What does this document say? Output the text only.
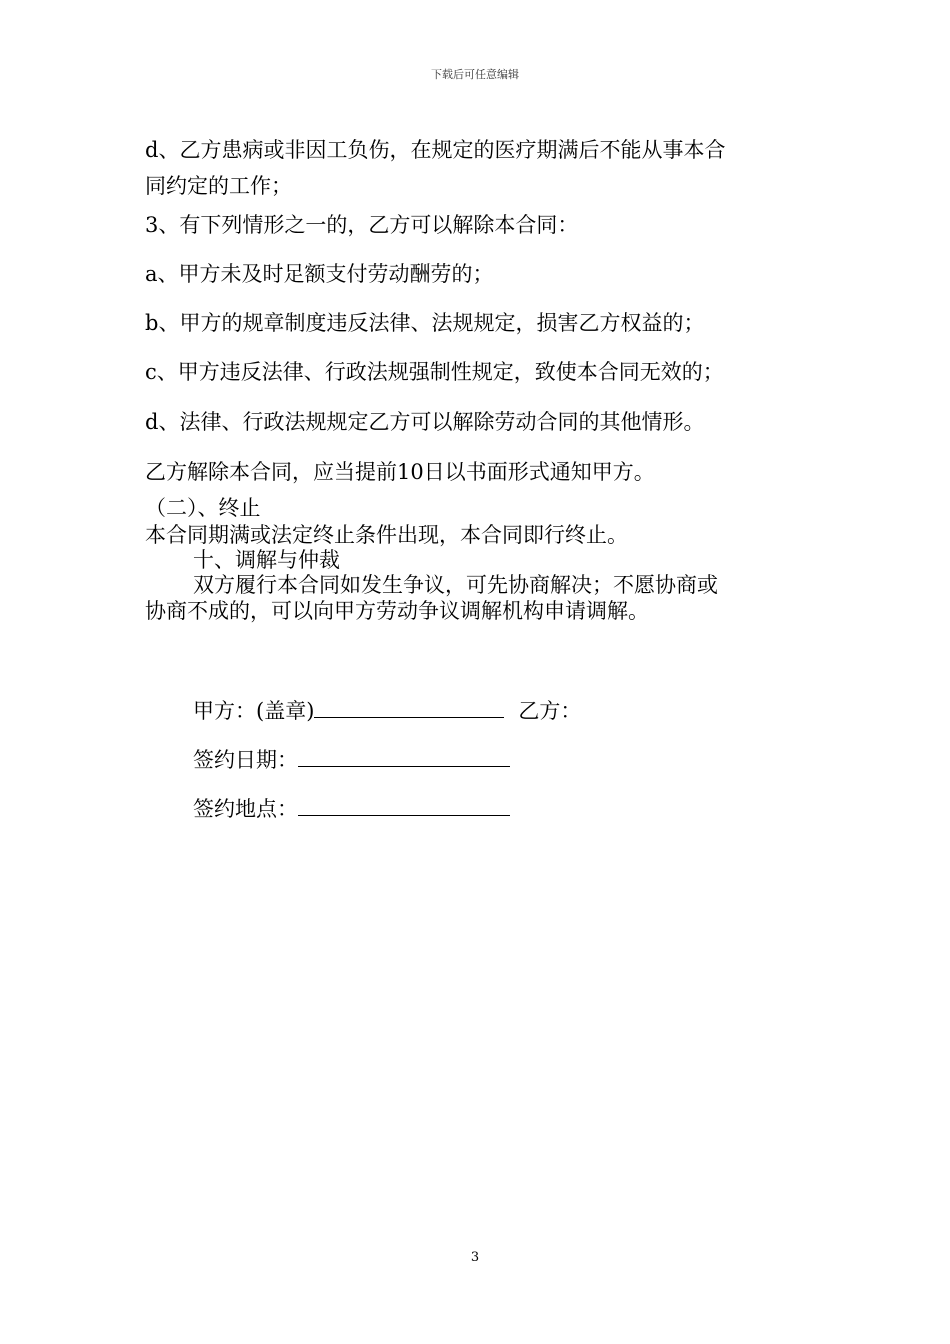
下载后可任意编辑
d、乙方患病或非因工负伤，在规定的医疗期满后不能从事本合
同约定的工作；
3、有下列情形之一的，乙方可以解除本合同：
a、甲方未及时足额支付劳动酬劳的；
b、甲方的规章制度违反法律、法规规定，损害乙方权益的；
c、甲方违反法律、行政法规强制性规定，致使本合同无效的；
d、法律、行政法规规定乙方可以解除劳动合同的其他情形。
乙方解除本合同，应当提前10日以书面形式通知甲方。
（二）、终止
本合同期满或法定终止条件出现，本合同即行终止。
十、调解与仲裁
双方履行本合同如发生争议，可先协商解决；不愿协商或
协商不成的，可以向甲方劳动争议调解机构申请调解。
甲方：(盖章)	乙方：
签约日期：
签约地点：
3
